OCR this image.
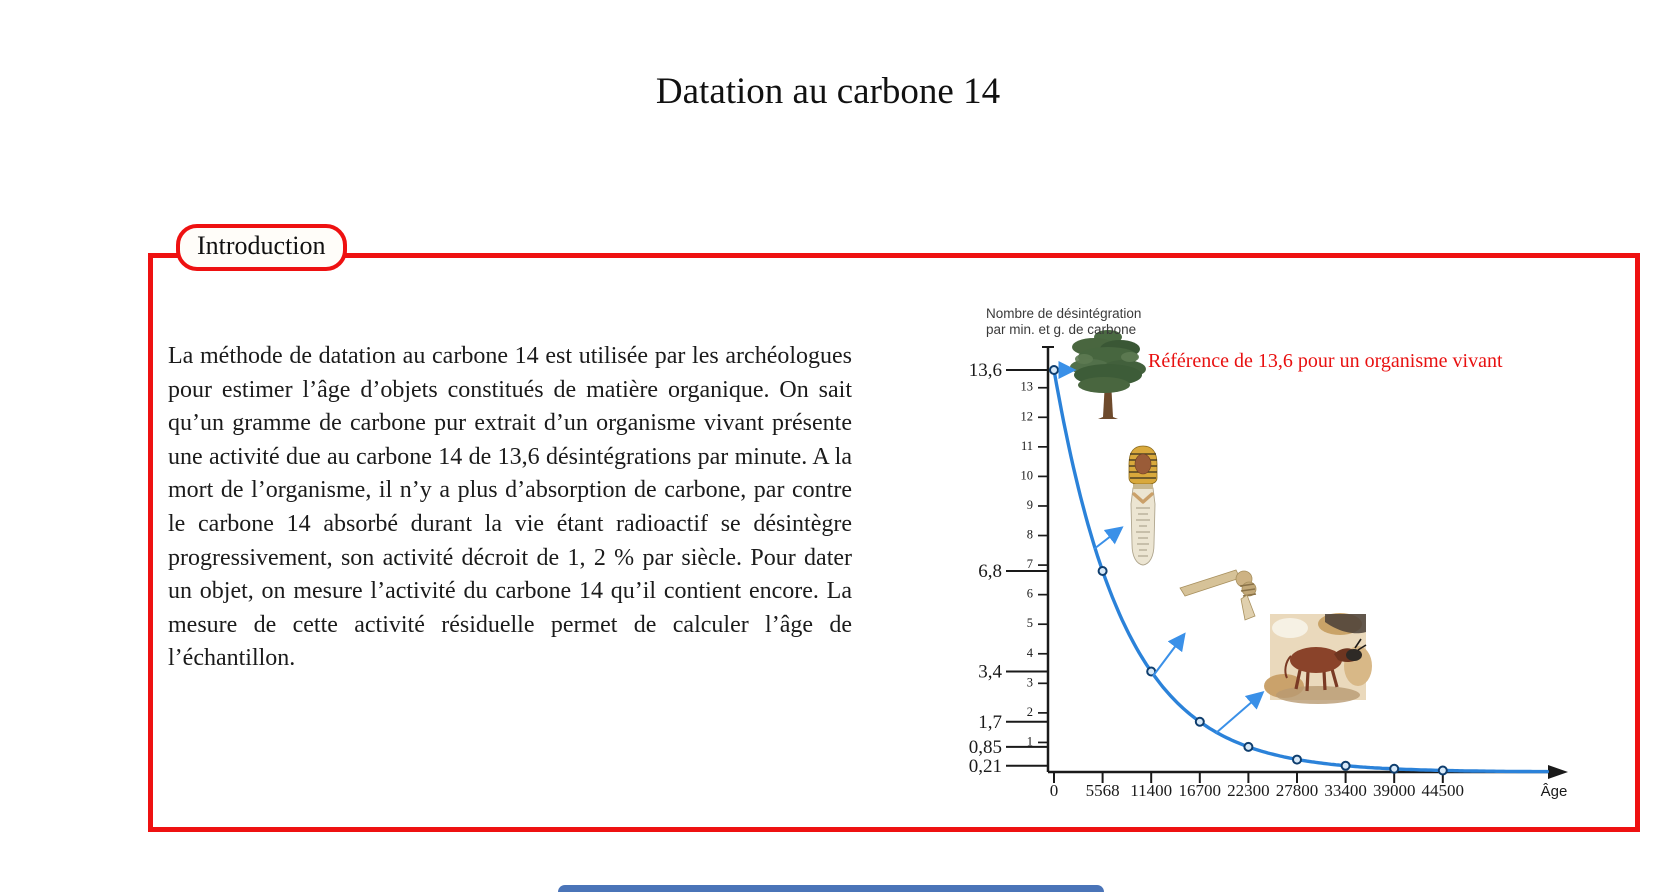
Datation au carbone 14
Introduction

La méthode de datation au carbone 14 est utilisée par les archéologues pour estimer l’âge d’objets constitués de matière organique. On sait qu’un gramme de carbone pur extrait d’un organisme vivant présente une activité due au carbone 14 de 13,6 désintégrations par minute. A la mort de l’organisme, il n’y a plus d’absorption de carbone, par contre le carbone 14 absorbé durant la vie étant radioactif se désintègre progressivement, son activité décroit de 1, 2 % par siècle. Pour dater un objet, on mesure l’activité du carbone 14 qu’il contient encore. La mesure de cette activité résiduelle permet de calculer l’âge de l’échantillon.

13,6
6,8
3,4
1,7
0,85
0,21
1
2
3
4
5
6
7
8
9
10
11
12
13
0 5568 11400 16700 22300 27800 33400 39000 44500
Nombre de désintégration
par min. et g. de carbone
Âge
Référence de 13,6 pour un organisme vivant
